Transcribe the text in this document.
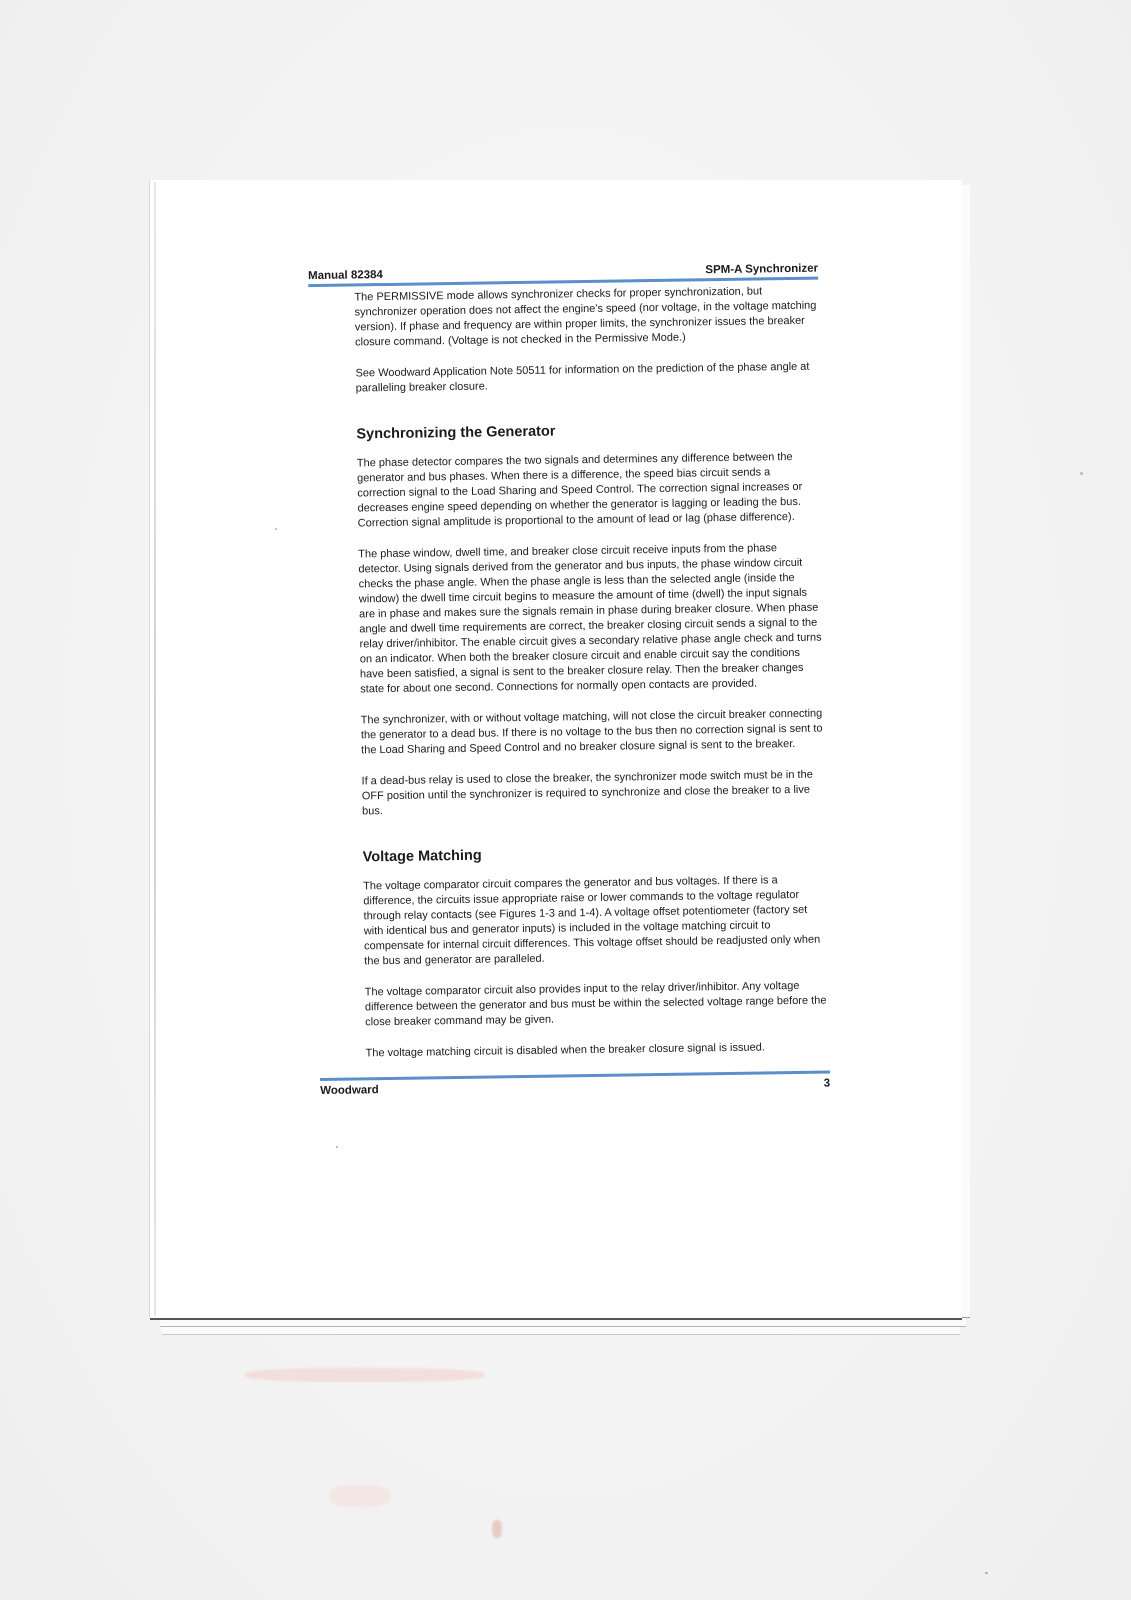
Manual 82384	SPM-A Synchronizer

The PERMISSIVE mode allows synchronizer checks for proper synchronization, but synchronizer operation does not affect the engine's speed (nor voltage, in the voltage matching version). If phase and frequency are within proper limits, the synchronizer issues the breaker closure command. (Voltage is not checked in the Permissive Mode.)

See Woodward Application Note 50511 for information on the prediction of the phase angle at paralleling breaker closure.

Synchronizing the Generator

The phase detector compares the two signals and determines any difference between the generator and bus phases. When there is a difference, the speed bias circuit sends a correction signal to the Load Sharing and Speed Control. The correction signal increases or decreases engine speed depending on whether the generator is lagging or leading the bus. Correction signal amplitude is proportional to the amount of lead or lag (phase difference).

The phase window, dwell time, and breaker close circuit receive inputs from the phase detector. Using signals derived from the generator and bus inputs, the phase window circuit checks the phase angle. When the phase angle is less than the selected angle (inside the window) the dwell time circuit begins to measure the amount of time (dwell) the input signals are in phase and makes sure the signals remain in phase during breaker closure. When phase angle and dwell time requirements are correct, the breaker closing circuit sends a signal to the relay driver/inhibitor. The enable circuit gives a secondary relative phase angle check and turns on an indicator. When both the breaker closure circuit and enable circuit say the conditions have been satisfied, a signal is sent to the breaker closure relay. Then the breaker changes state for about one second. Connections for normally open contacts are provided.

The synchronizer, with or without voltage matching, will not close the circuit breaker connecting the generator to a dead bus. If there is no voltage to the bus then no correction signal is sent to the Load Sharing and Speed Control and no breaker closure signal is sent to the breaker.

If a dead-bus relay is used to close the breaker, the synchronizer mode switch must be in the OFF position until the synchronizer is required to synchronize and close the breaker to a live bus.

Voltage Matching

The voltage comparator circuit compares the generator and bus voltages. If there is a difference, the circuits issue appropriate raise or lower commands to the voltage regulator through relay contacts (see Figures 1-3 and 1-4). A voltage offset potentiometer (factory set with identical bus and generator inputs) is included in the voltage matching circuit to compensate for internal circuit differences. This voltage offset should be readjusted only when the bus and generator are paralleled.

The voltage comparator circuit also provides input to the relay driver/inhibitor. Any voltage difference between the generator and bus must be within the selected voltage range before the close breaker command may be given.

The voltage matching circuit is disabled when the breaker closure signal is issued.

Woodward
3
